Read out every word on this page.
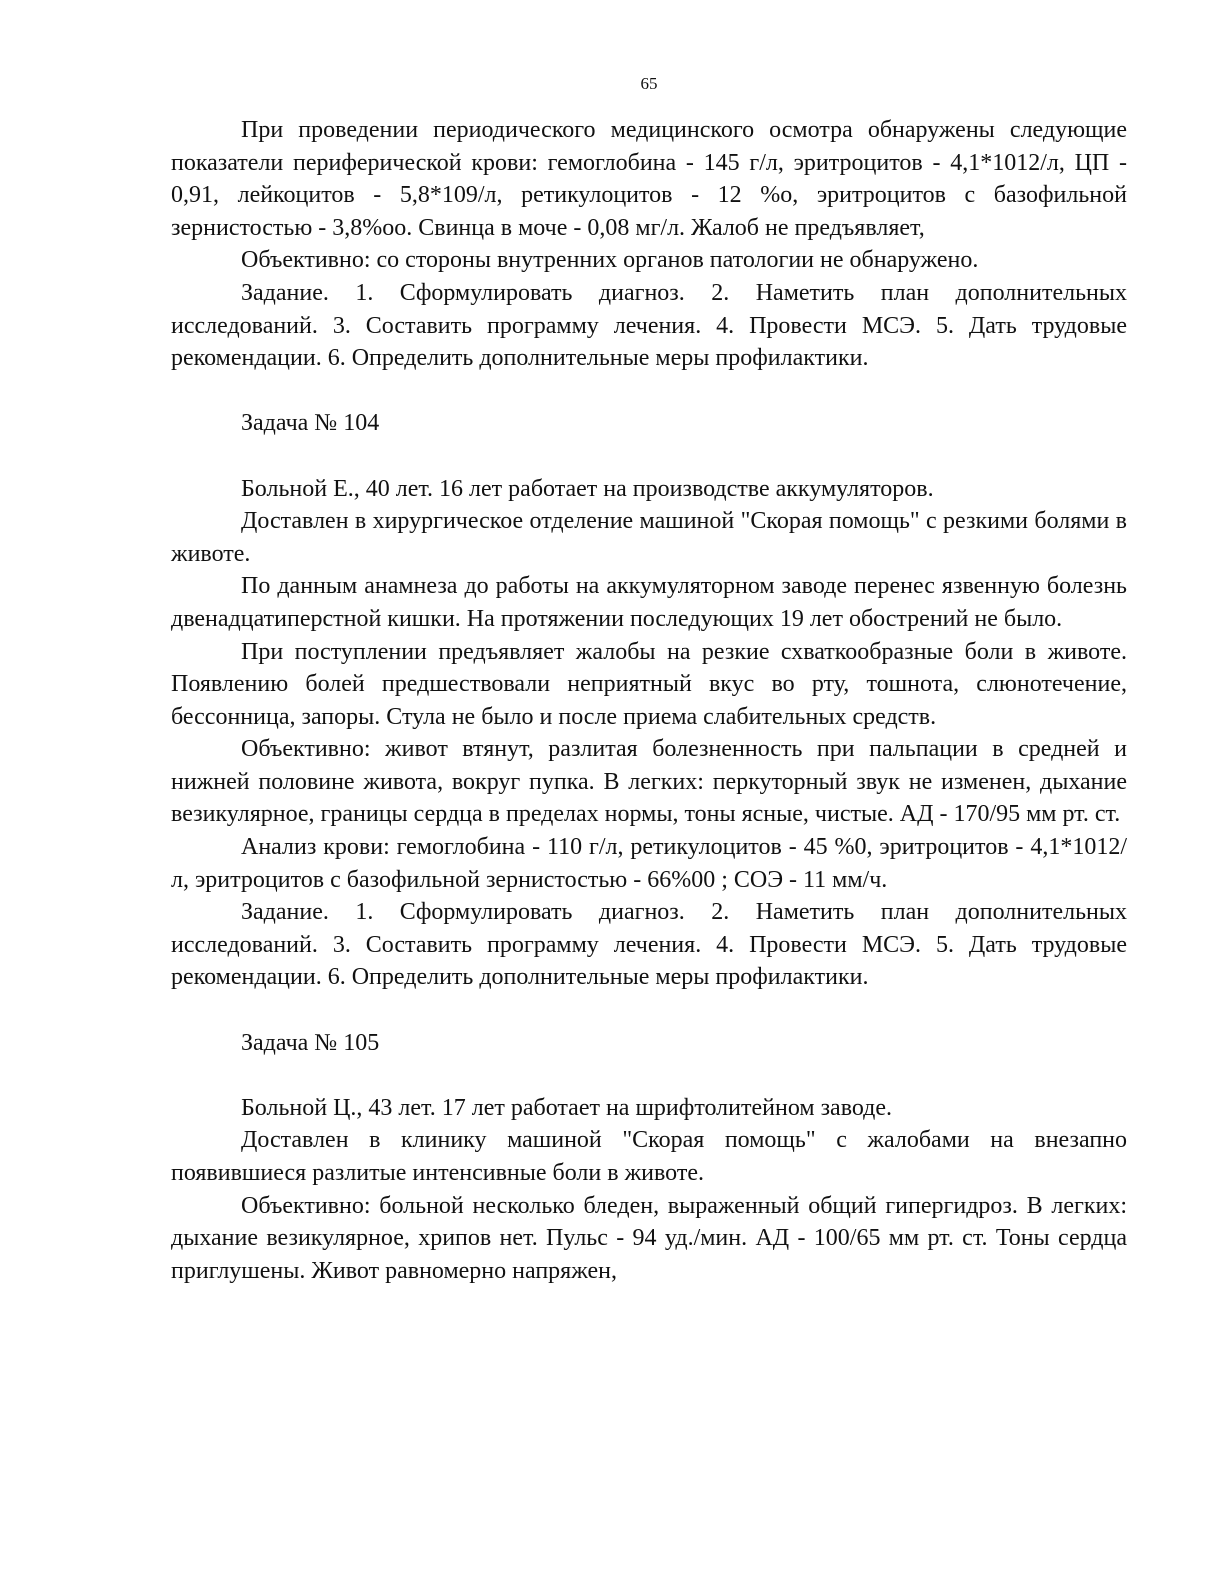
65

При проведении периодического медицинского осмотра обнаружены следующие показатели периферической крови: гемоглобина - 145 г/л, эритроцитов - 4,1*1012/л, ЦП - 0,91, лейкоцитов - 5,8*109/л, ретикулоцитов - 12 %о, эритроцитов с базофильной зернистостью - 3,8%оо. Свинца в моче - 0,08 мг/л. Жалоб не предъявляет,

Объективно: со стороны внутренних органов патологии не обнаружено.

Задание. 1. Сформулировать диагноз. 2. Наметить план дополнительных исследований. 3. Составить программу лечения. 4. Провести МСЭ. 5. Дать трудовые рекомендации. 6. Определить дополнительные меры профилактики.

Задача № 104

Больной Е., 40 лет. 16 лет работает на производстве аккумуляторов.

Доставлен в хирургическое отделение машиной "Скорая помощь" с резкими болями в животе.

По данным анамнеза до работы на аккумуляторном заводе перенес язвенную болезнь двенадцатиперстной кишки. На протяжении последующих 19 лет обострений не было.

При поступлении предъявляет жалобы на резкие схваткообразные боли в животе. Появлению болей предшествовали неприятный вкус во рту, тошнота, слюнотечение, бессонница, запоры. Стула не было и после приема слабительных средств.

Объективно: живот втянут, разлитая болезненность при пальпации в средней и нижней половине живота, вокруг пупка. В легких: перкуторный звук не изменен, дыхание везикулярное, границы сердца в пределах нормы, тоны ясные, чистые. АД - 170/95 мм рт. ст.

Анализ крови: гемоглобина - 110 г/л, ретикулоцитов - 45 %0, эритроцитов - 4,1*1012/л, эритроцитов с базофильной зернистостью - 66%00 ; СОЭ - 11 мм/ч.

Задание. 1. Сформулировать диагноз. 2. Наметить план дополнительных исследований. 3. Составить программу лечения. 4. Провести МСЭ. 5. Дать трудовые рекомендации. 6. Определить дополнительные меры профилактики.

Задача № 105

Больной Ц., 43 лет. 17 лет работает на шрифтолитейном заводе.

Доставлен в клинику машиной "Скорая помощь" с жалобами на внезапно появившиеся разлитые интенсивные боли в животе.

Объективно: больной несколько бледен, выраженный общий гипергидроз. В легких: дыхание везикулярное, хрипов нет. Пульс - 94 уд./мин. АД - 100/65 мм рт. ст. Тоны сердца приглушены. Живот равномерно напряжен,
